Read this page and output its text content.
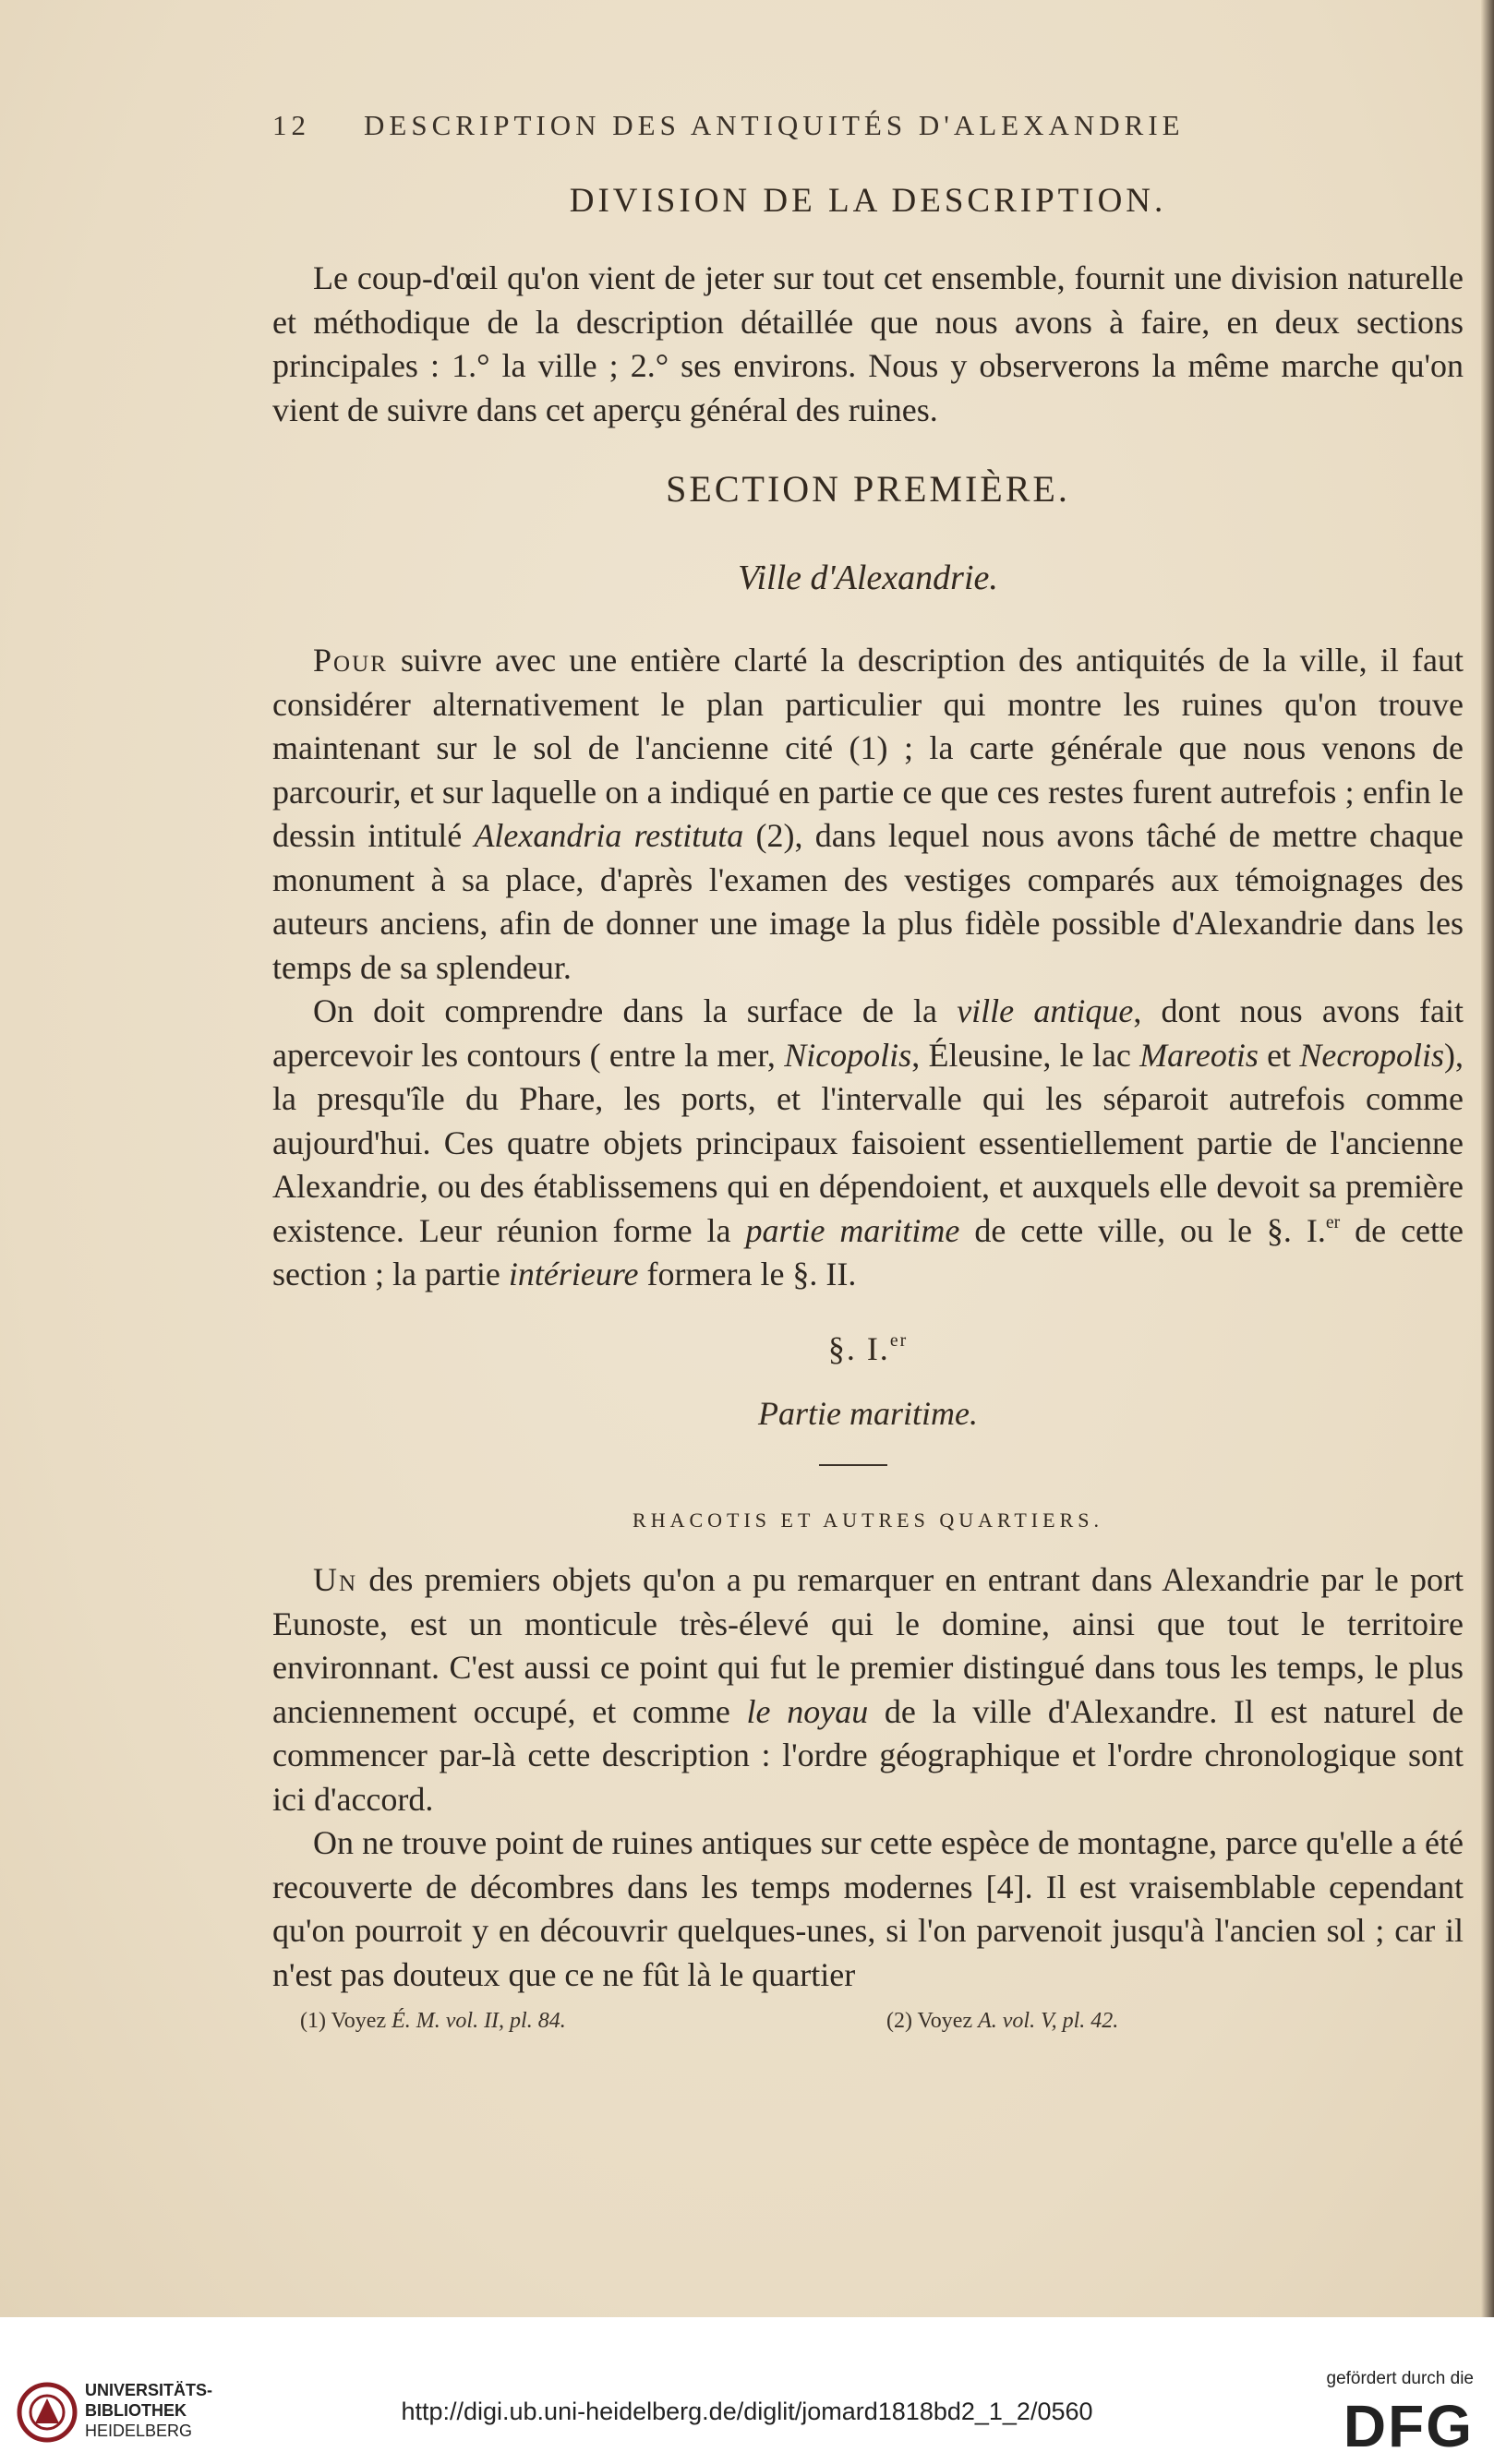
12 DESCRIPTION DES ANTIQUITÉS D'ALEXANDRIE
DIVISION DE LA DESCRIPTION.

Le coup-d'œil qu'on vient de jeter sur tout cet ensemble, fournit une division naturelle et méthodique de la description détaillée que nous avons à faire, en deux sections principales : 1.° la ville ; 2.° ses environs. Nous y observerons la même marche qu'on vient de suivre dans cet aperçu général des ruines.

SECTION PREMIÈRE.
Ville d'Alexandrie.

Pour suivre avec une entière clarté la description des antiquités de la ville, il faut considérer alternativement le plan particulier qui montre les ruines qu'on trouve maintenant sur le sol de l'ancienne cité (1) ; la carte générale que nous venons de parcourir, et sur laquelle on a indiqué en partie ce que ces restes furent autrefois ; enfin le dessin intitulé Alexandria restituta (2), dans lequel nous avons tâché de mettre chaque monument à sa place, d'après l'examen des vestiges comparés aux témoignages des auteurs anciens, afin de donner une image la plus fidèle possible d'Alexandrie dans les temps de sa splendeur.

On doit comprendre dans la surface de la ville antique, dont nous avons fait apercevoir les contours ( entre la mer, Nicopolis, Éleusine, le lac Mareotis et Necropolis), la presqu'île du Phare, les ports, et l'intervalle qui les séparoit autrefois comme aujourd'hui. Ces quatre objets principaux faisoient essentiellement partie de l'ancienne Alexandrie, ou des établissemens qui en dépendoient, et auxquels elle devoit sa première existence. Leur réunion forme la partie maritime de cette ville, ou le §. I.$^{er}$ de cette section ; la partie intérieure formera le §. II.

§. I.$^{er}$
Partie maritime.
RHACOTIS ET AUTRES QUARTIERS.

Un des premiers objets qu'on a pu remarquer en entrant dans Alexandrie par le port Eunoste, est un monticule très-élevé qui le domine, ainsi que tout le territoire environnant. C'est aussi ce point qui fut le premier distingué dans tous les temps, le plus anciennement occupé, et comme le noyau de la ville d'Alexandre. Il est naturel de commencer par-là cette description : l'ordre géographique et l'ordre chronologique sont ici d'accord.

On ne trouve point de ruines antiques sur cette espèce de montagne, parce qu'elle a été recouverte de décombres dans les temps modernes [4]. Il est vraisemblable cependant qu'on pourroit y en découvrir quelques-unes, si l'on parvenoit jusqu'à l'ancien sol ; car il n'est pas douteux que ce ne fût là le quartier

(1) Voyez É. M. vol. II, pl. 84.	(2) Voyez A. vol. V, pl. 42.
UNIVERSITÄTS-
BIBLIOTHEK
HEIDELBERG
http://digi.ub.uni-heidelberg.de/diglit/jomard1818bd2_1_2/0560
gefördert durch die
DFG
